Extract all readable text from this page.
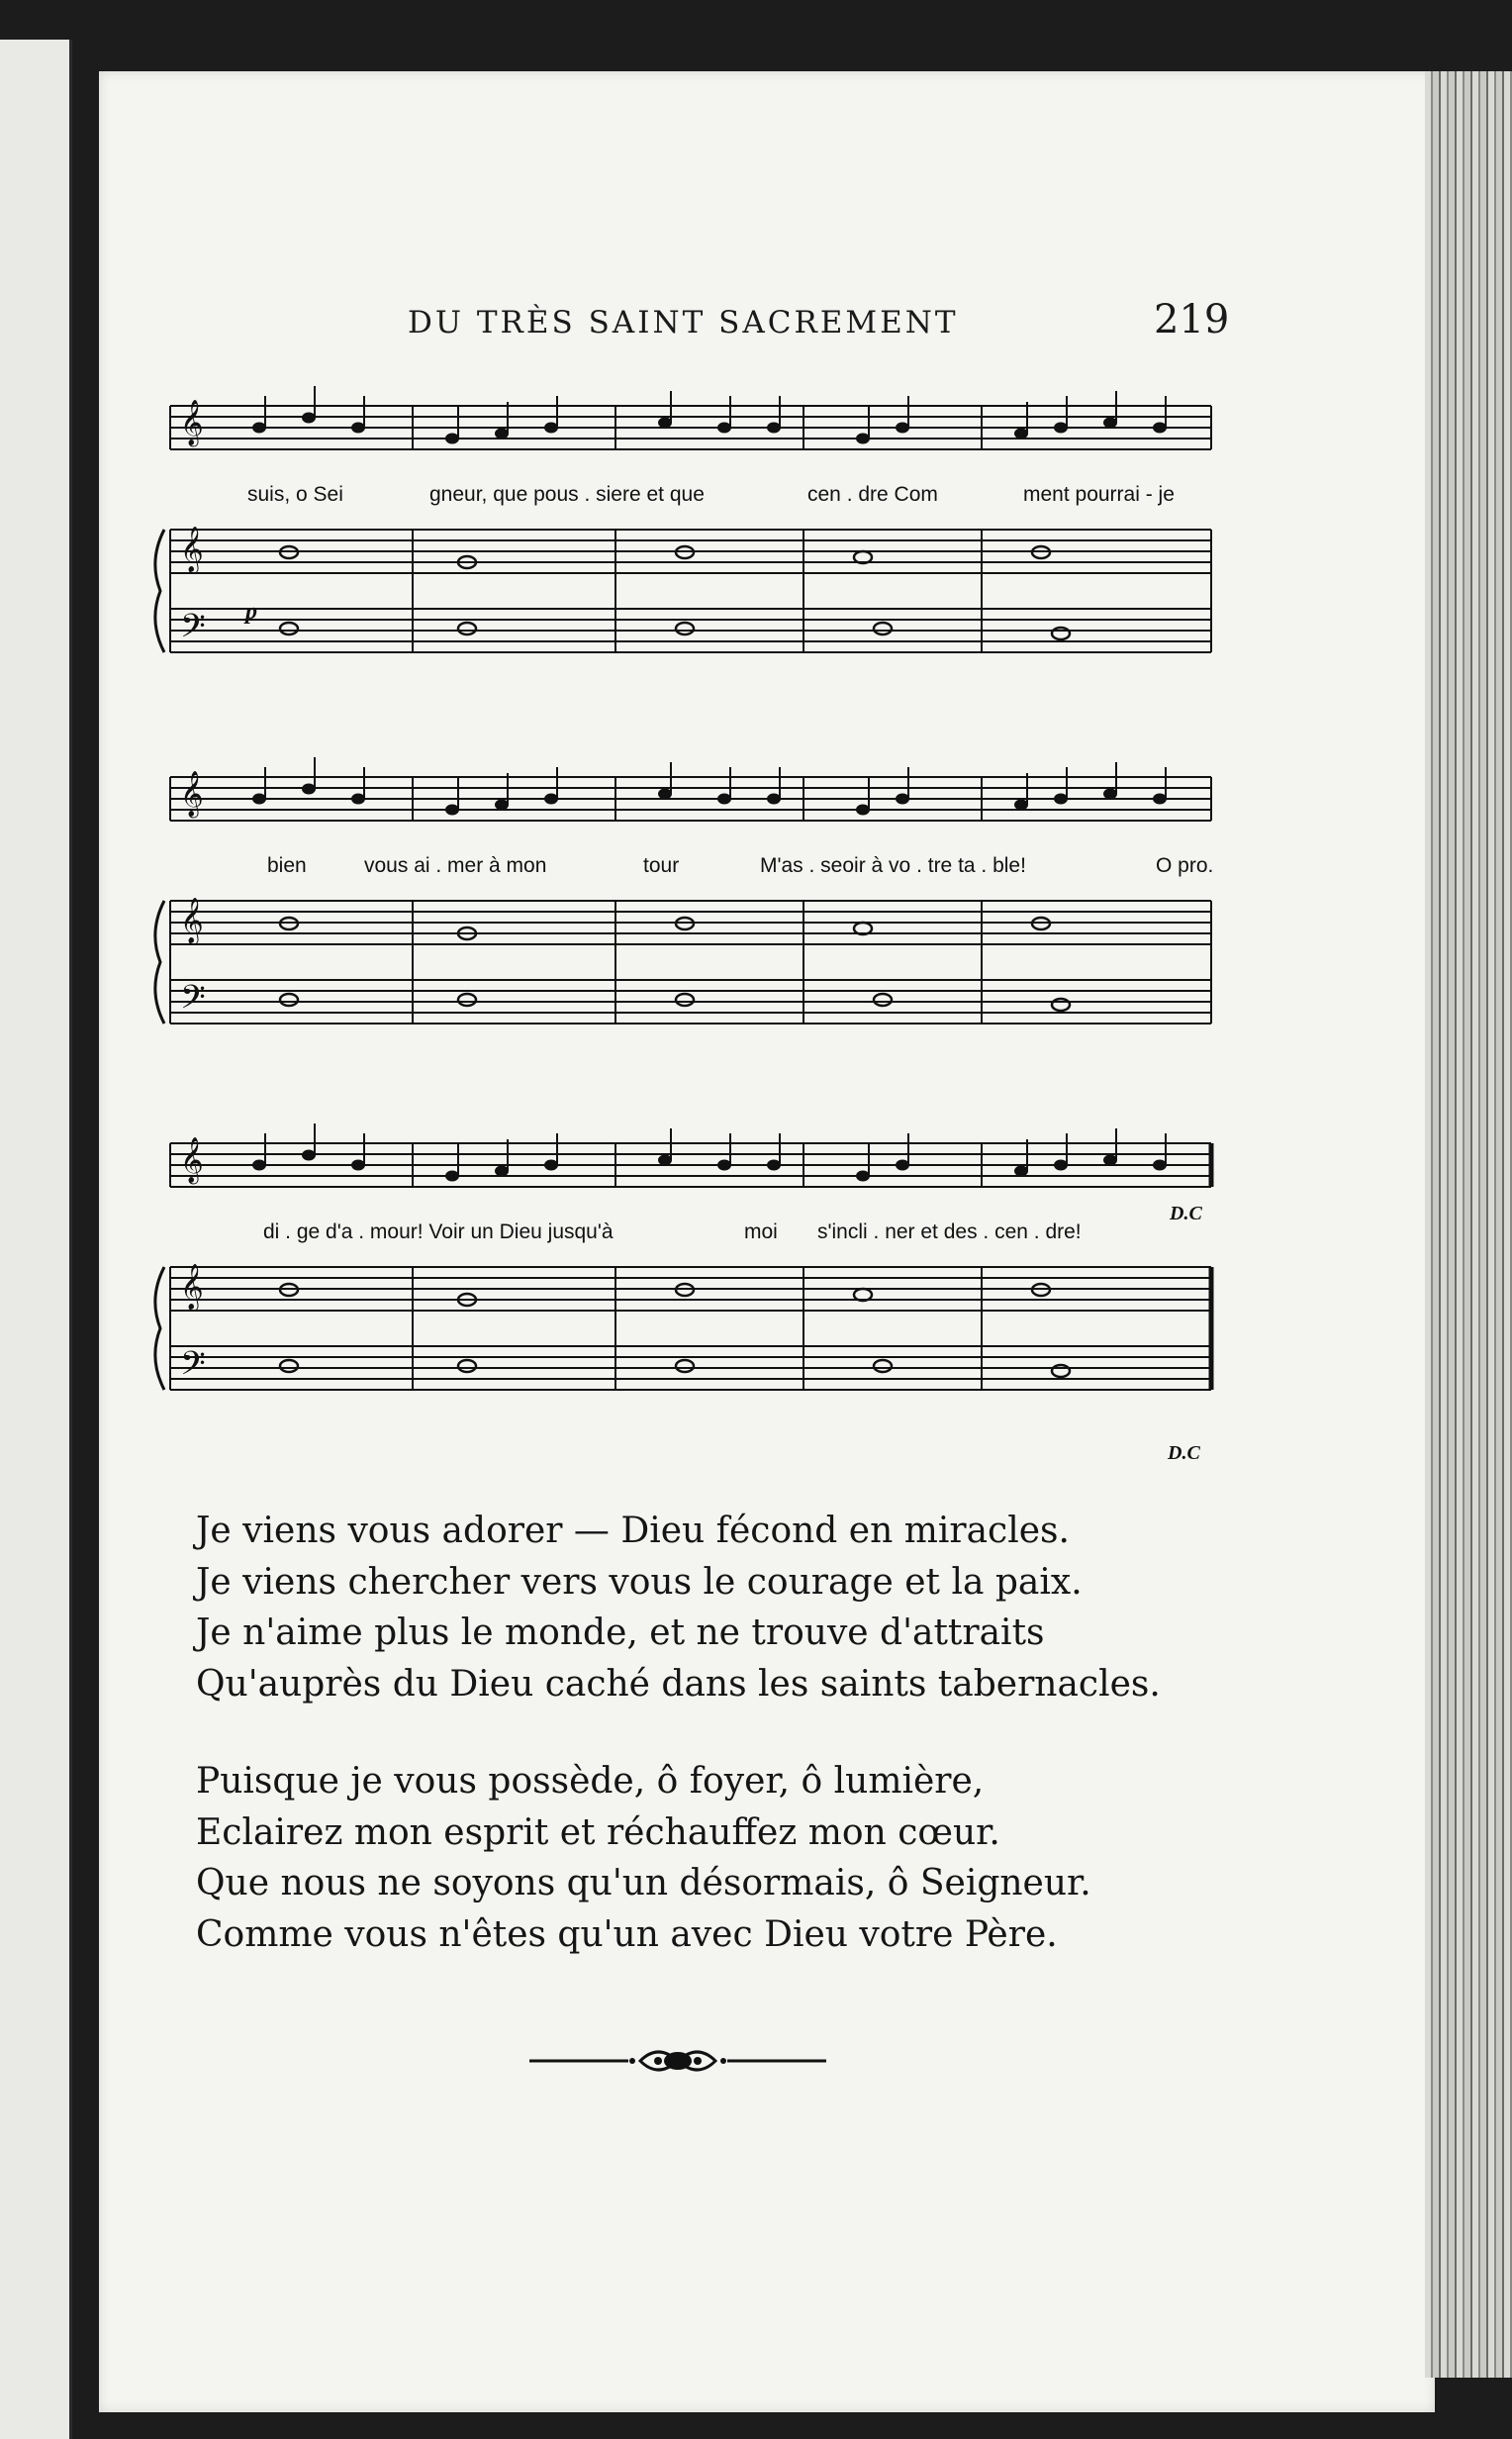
DU TRÈS SAINT SACREMENT	219
𝄞
𝄞
𝄢
suis, o Sei	gneur, que pous . siere et que	cen . dre Com	ment pourrai - je
p
𝄞
𝄞
𝄢
bien	vous ai . mer à mon	tour	M'as . seoir à vo . tre ta . ble!	O pro.
𝄞
𝄞
𝄢
di . ge d'a . mour! Voir un Dieu jusqu'à	moi s'incli . ner et des . cen . dre!
D.C
D.C
Je viens vous adorer — Dieu fécond en miracles.
Je viens chercher vers vous le courage et la paix.
Je n'aime plus le monde, et ne trouve d'attraits
Qu'auprès du Dieu caché dans les saints tabernacles.
Puisque je vous possède, ô foyer, ô lumière,
Eclairez mon esprit et réchauffez mon cœur.
Que nous ne soyons qu'un désormais, ô Seigneur.
Comme vous n'êtes qu'un avec Dieu votre Père.
